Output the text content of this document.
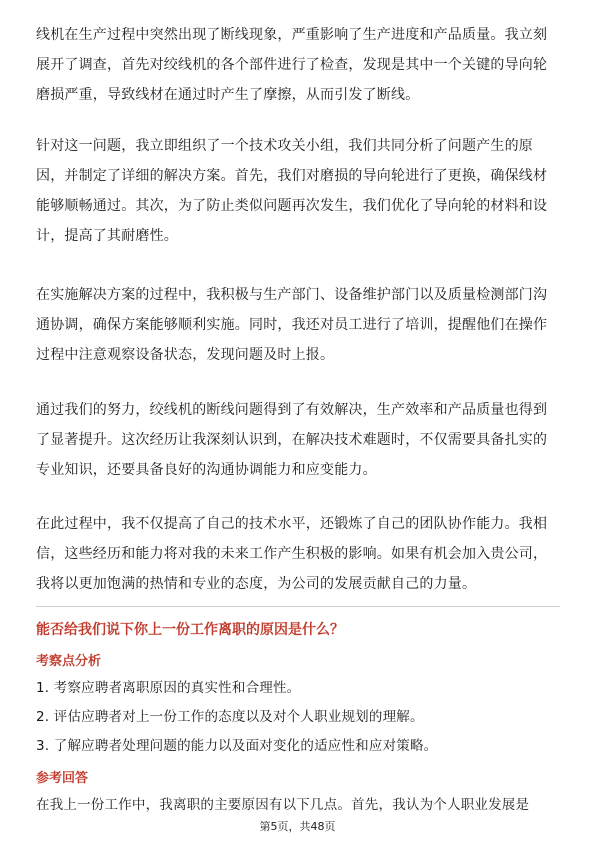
线机在生产过程中突然出现了断线现象，严重影响了生产进度和产品质量。我立刻

展开了调查，首先对绞线机的各个部件进行了检查，发现是其中一个关键的导向轮

磨损严重，导致线材在通过时产生了摩擦，从而引发了断线。

针对这一问题，我立即组织了一个技术攻关小组，我们共同分析了问题产生的原

因，并制定了详细的解决方案。首先，我们对磨损的导向轮进行了更换，确保线材

能够顺畅通过。其次，为了防止类似问题再次发生，我们优化了导向轮的材料和设

计，提高了其耐磨性。

在实施解决方案的过程中，我积极与生产部门、设备维护部门以及质量检测部门沟

通协调，确保方案能够顺利实施。同时，我还对员工进行了培训，提醒他们在操作

过程中注意观察设备状态，发现问题及时上报。

通过我们的努力，绞线机的断线问题得到了有效解决，生产效率和产品质量也得到

了显著提升。这次经历让我深刻认识到，在解决技术难题时，不仅需要具备扎实的

专业知识，还要具备良好的沟通协调能力和应变能力。

在此过程中，我不仅提高了自己的技术水平，还锻炼了自己的团队协作能力。我相

信，这些经历和能力将对我的未来工作产生积极的影响。如果有机会加入贵公司，

我将以更加饱满的热情和专业的态度，为公司的发展贡献自己的力量。

能否给我们说下你上一份工作离职的原因是什么？

考察点分析

1. 考察应聘者离职原因的真实性和合理性。

2. 评估应聘者对上一份工作的态度以及对个人职业规划的理解。

3. 了解应聘者处理问题的能力以及面对变化的适应性和应对策略。

参考回答

在我上一份工作中，我离职的主要原因有以下几点。首先，我认为个人职业发展是

第5页，共48页
